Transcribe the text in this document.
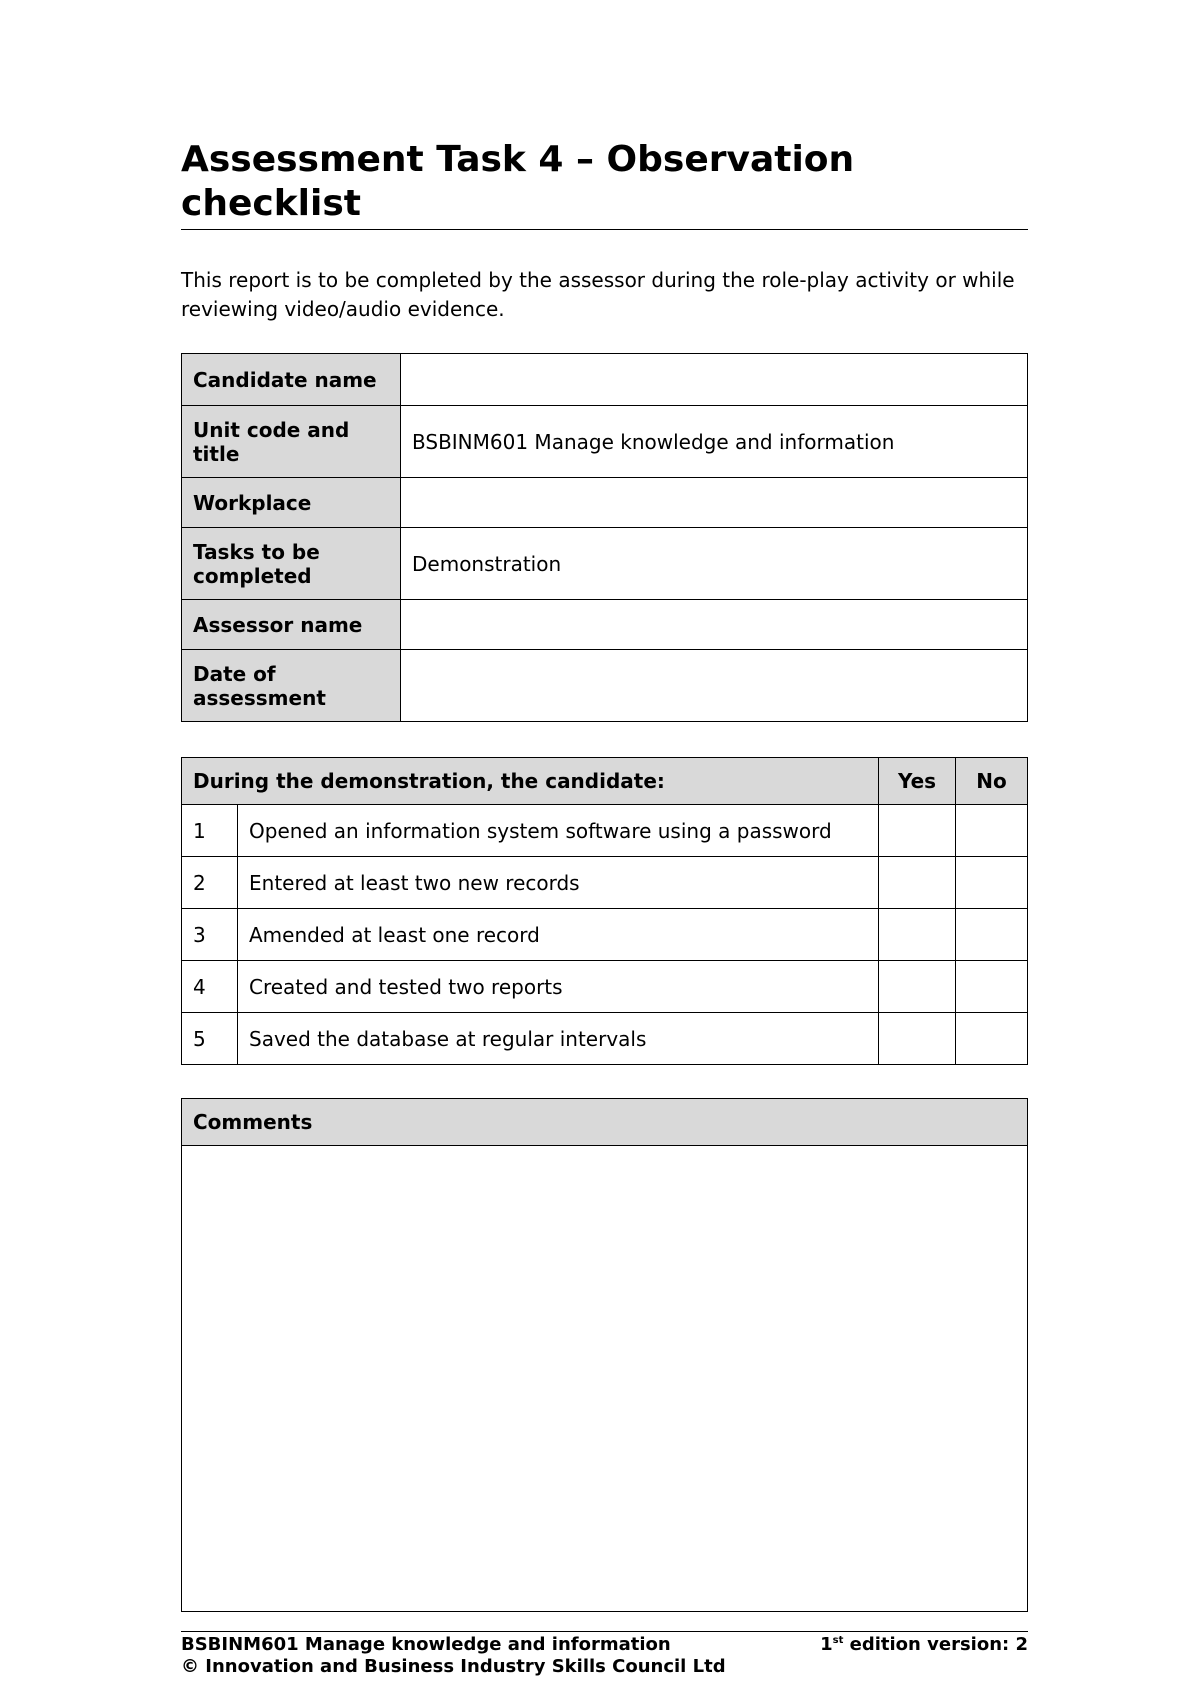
Assessment Task 4 – Observation checklist

This report is to be completed by the assessor during the role-play activity or while reviewing video/audio evidence.

Candidate name	
Unit code and title	BSBINM601 Manage knowledge and information
Workplace	
Tasks to be completed	Demonstration
Assessor name	
Date of assessment	
During the demonstration, the candidate:		Yes	No
1	Opened an information system software using a password		
2	Entered at least two new records		
3	Amended at least one record		
4	Created and tested two reports		
5	Saved the database at regular intervals		
Comments

BSBINM601 Manage knowledge and information	1st edition version: 2
© Innovation and Business Industry Skills Council Ltd
